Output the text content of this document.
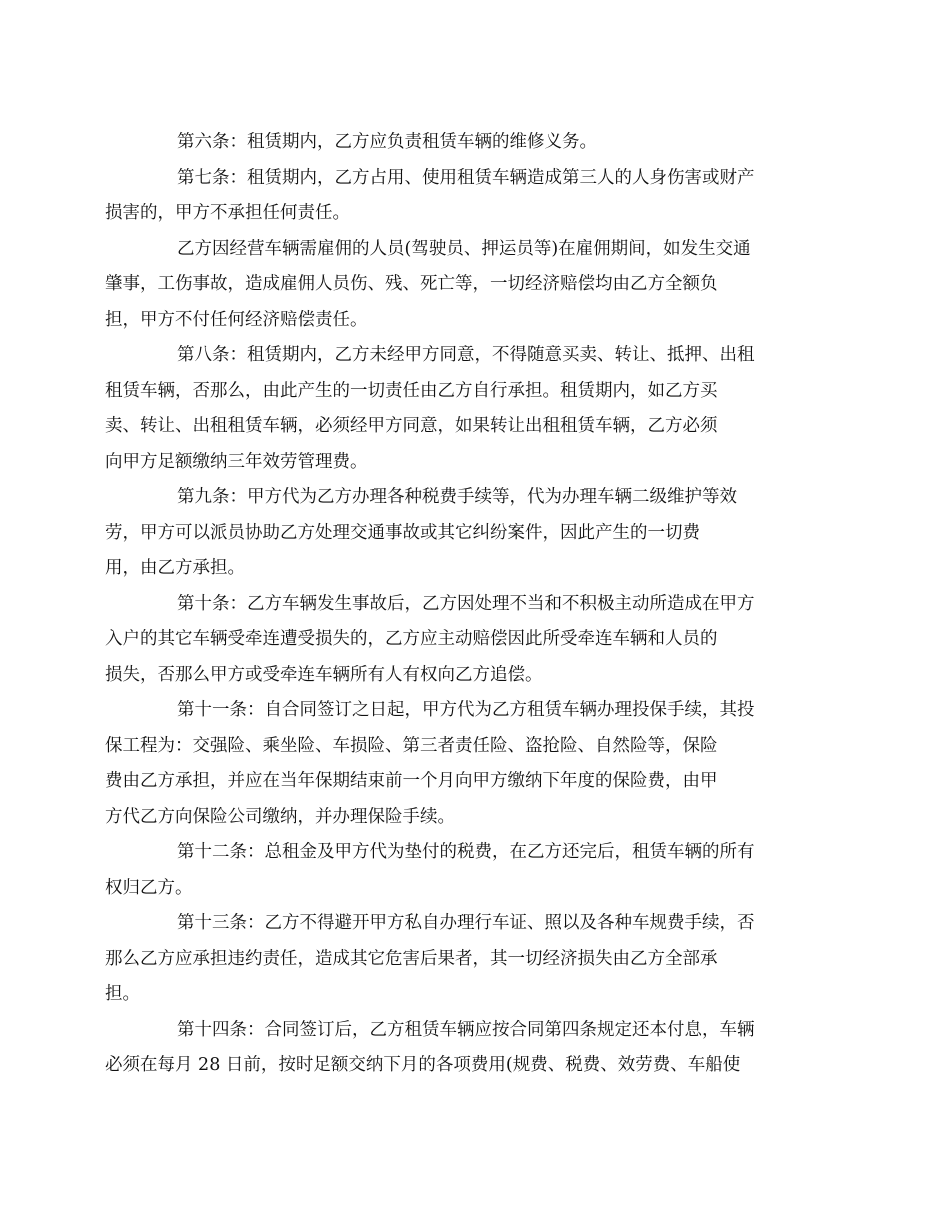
第六条：租赁期内，乙方应负责租赁车辆的维修义务。
第七条：租赁期内，乙方占用、使用租赁车辆造成第三人的人身伤害或财产
损害的，甲方不承担任何责任。
乙方因经营车辆需雇佣的人员(驾驶员、押运员等)在雇佣期间，如发生交通
肇事，工伤事故，造成雇佣人员伤、残、死亡等，一切经济赔偿均由乙方全额负
担，甲方不付任何经济赔偿责任。
第八条：租赁期内，乙方未经甲方同意，不得随意买卖、转让、抵押、出租
租赁车辆，否那么，由此产生的一切责任由乙方自行承担。租赁期内，如乙方买
卖、转让、出租租赁车辆，必须经甲方同意，如果转让出租租赁车辆，乙方必须
向甲方足额缴纳三年效劳管理费。
第九条：甲方代为乙方办理各种税费手续等，代为办理车辆二级维护等效
劳，甲方可以派员协助乙方处理交通事故或其它纠纷案件，因此产生的一切费
用，由乙方承担。
第十条：乙方车辆发生事故后，乙方因处理不当和不积极主动所造成在甲方
入户的其它车辆受牵连遭受损失的，乙方应主动赔偿因此所受牵连车辆和人员的
损失，否那么甲方或受牵连车辆所有人有权向乙方追偿。
第十一条：自合同签订之日起，甲方代为乙方租赁车辆办理投保手续，其投
保工程为：交强险、乘坐险、车损险、第三者责任险、盗抢险、自然险等，保险
费由乙方承担，并应在当年保期结束前一个月向甲方缴纳下年度的保险费，由甲
方代乙方向保险公司缴纳，并办理保险手续。
第十二条：总租金及甲方代为垫付的税费，在乙方还完后，租赁车辆的所有
权归乙方。
第十三条：乙方不得避开甲方私自办理行车证、照以及各种车规费手续，否
那么乙方应承担违约责任，造成其它危害后果者，其一切经济损失由乙方全部承
担。
第十四条：合同签订后，乙方租赁车辆应按合同第四条规定还本付息，车辆
必须在每月 28 日前，按时足额交纳下月的各项费用(规费、税费、效劳费、车船使
